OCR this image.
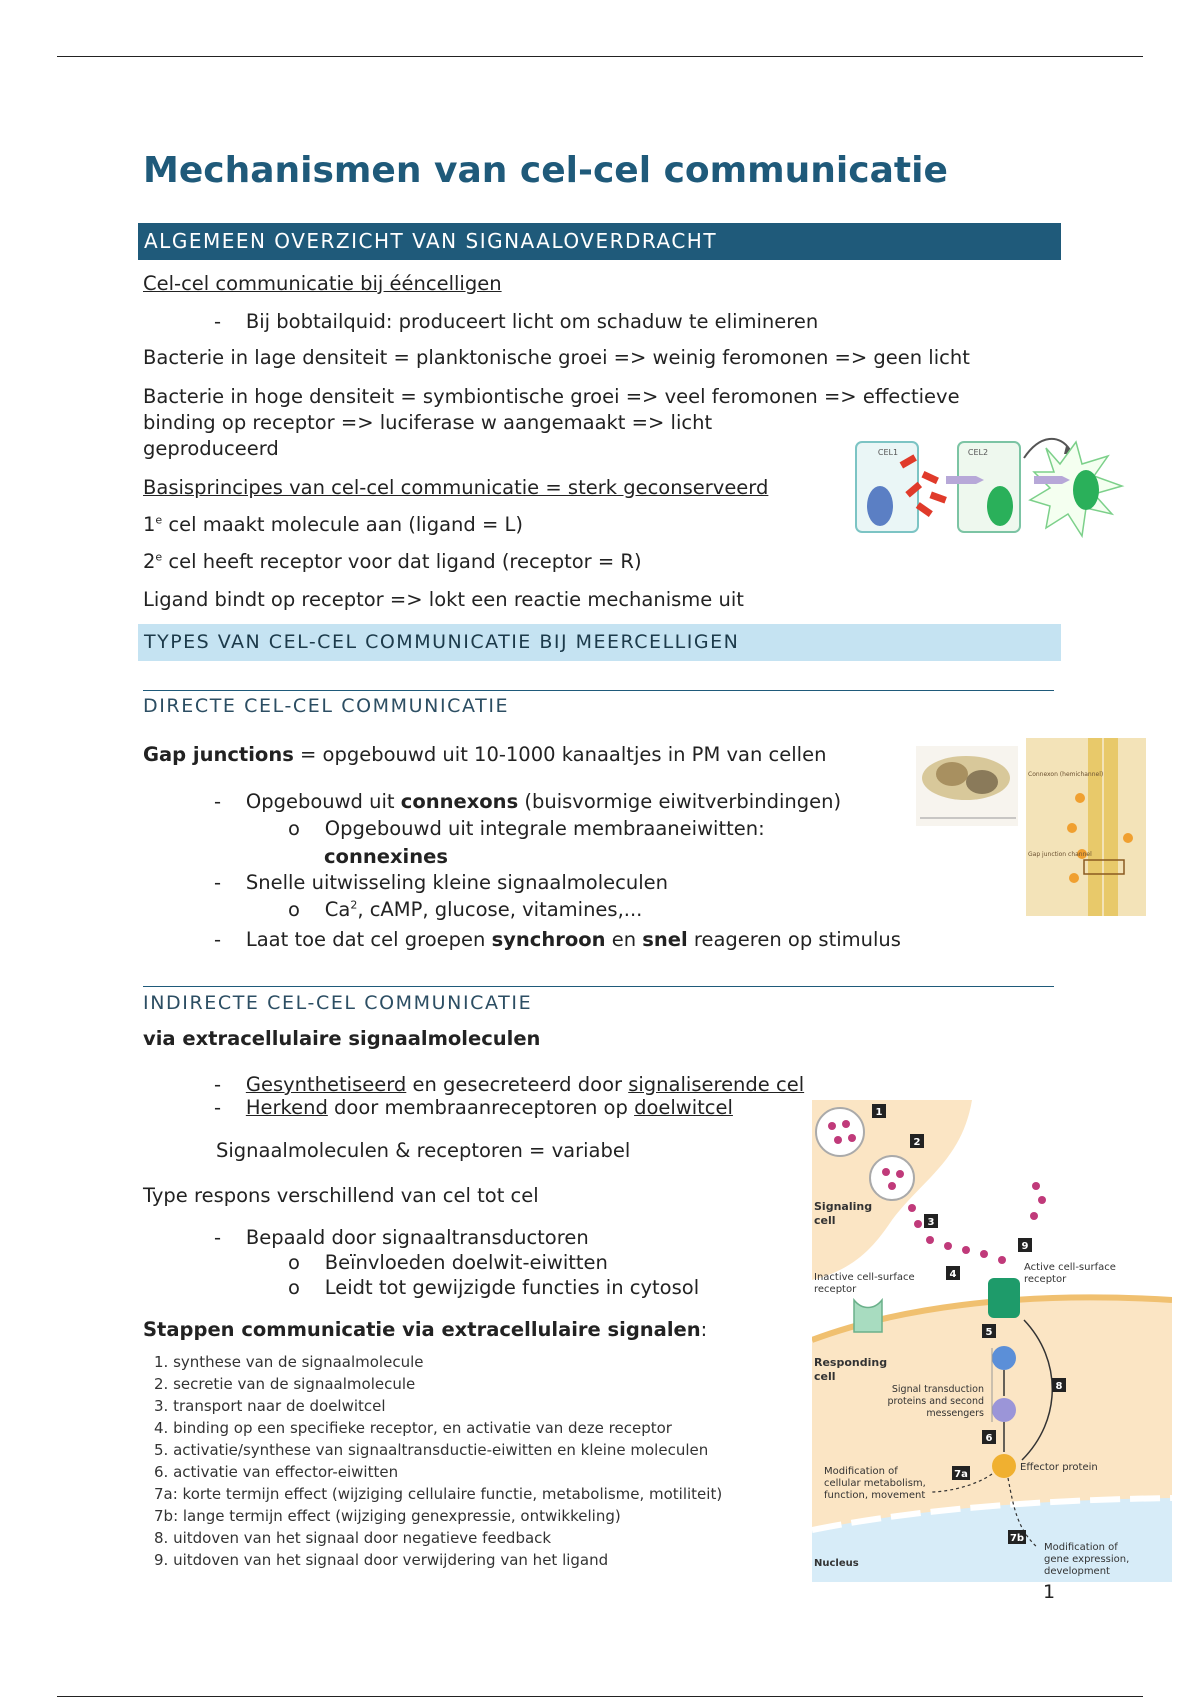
Mechanismen van cel-cel communicatie
ALGEMEEN OVERZICHT VAN SIGNAALOVERDRACHT
Cel-cel communicatie bij ééncelligen
-    Bij bobtailquid: produceert licht om schaduw te elimineren
Bacterie in lage densiteit = planktonische groei => weinig feromonen => geen licht
Bacterie in hoge densiteit = symbiontische groei => veel feromonen => effectieve
binding op receptor => luciferase w aangemaakt => licht
geproduceerd
Basisprincipes van cel-cel communicatie = sterk geconserveerd
1e cel maakt molecule aan (ligand = L)
2e cel heeft receptor voor dat ligand (receptor = R)
Ligand bindt op receptor => lokt een reactie mechanisme uit
CEL1	CEL2
TYPES VAN CEL-CEL COMMUNICATIE BIJ MEERCELLIGEN
DIRECTE CEL-CEL COMMUNICATIE
Gap junctions = opgebouwd uit 10-1000 kanaaltjes in PM van cellen
-    Opgebouwd uit connexons (buisvormige eiwitverbindingen)
o    Opgebouwd uit integrale membraaneiwitten:
connexines
-    Snelle uitwisseling kleine signaalmoleculen
o    Ca$^2$, cAMP, glucose, vitamines,...
-    Laat toe dat cel groepen synchroon en snel reageren op stimulus
Connexon (hemichannel)
Gap junction channel
INDIRECTE CEL-CEL COMMUNICATIE
via extracellulaire signaalmoleculen
-    Gesynthetiseerd en gesecreteerd door signaliserende cel
-    Herkend door membraanreceptoren op doelwitcel
Signaalmoleculen & receptoren = variabel
Type respons verschillend van cel tot cel
-    Bepaald door signaaltransductoren
o    Beïnvloeden doelwit-eiwitten
o    Leidt tot gewijzigde functies in cytosol
Stappen communicatie via extracellulaire signalen:
1. synthese van de signaalmolecule
2. secretie van de signaalmolecule
3. transport naar de doelwitcel
4. binding op een specifieke receptor, en activatie van deze receptor
5. activatie/synthese van signaaltransductie-eiwitten en kleine moleculen
6. activatie van effector-eiwitten
7a: korte termijn effect (wijziging cellulaire functie, metabolisme, motiliteit)
7b: lange termijn effect (wijziging genexpressie, ontwikkeling)
8. uitdoven van het signaal door negatieve feedback
9. uitdoven van het signaal door verwijdering van het ligand
Signaling
cell
Inactive cell-surface
receptor
Active cell-surface
receptor
Responding
cell
Signal transduction
proteins and second
messengers
Effector protein
Modification of
cellular metabolism,
function, movement
Modification of
gene expression,
development
Nucleus
1
2
3
4
5
6
7a
7b
8
9
1
